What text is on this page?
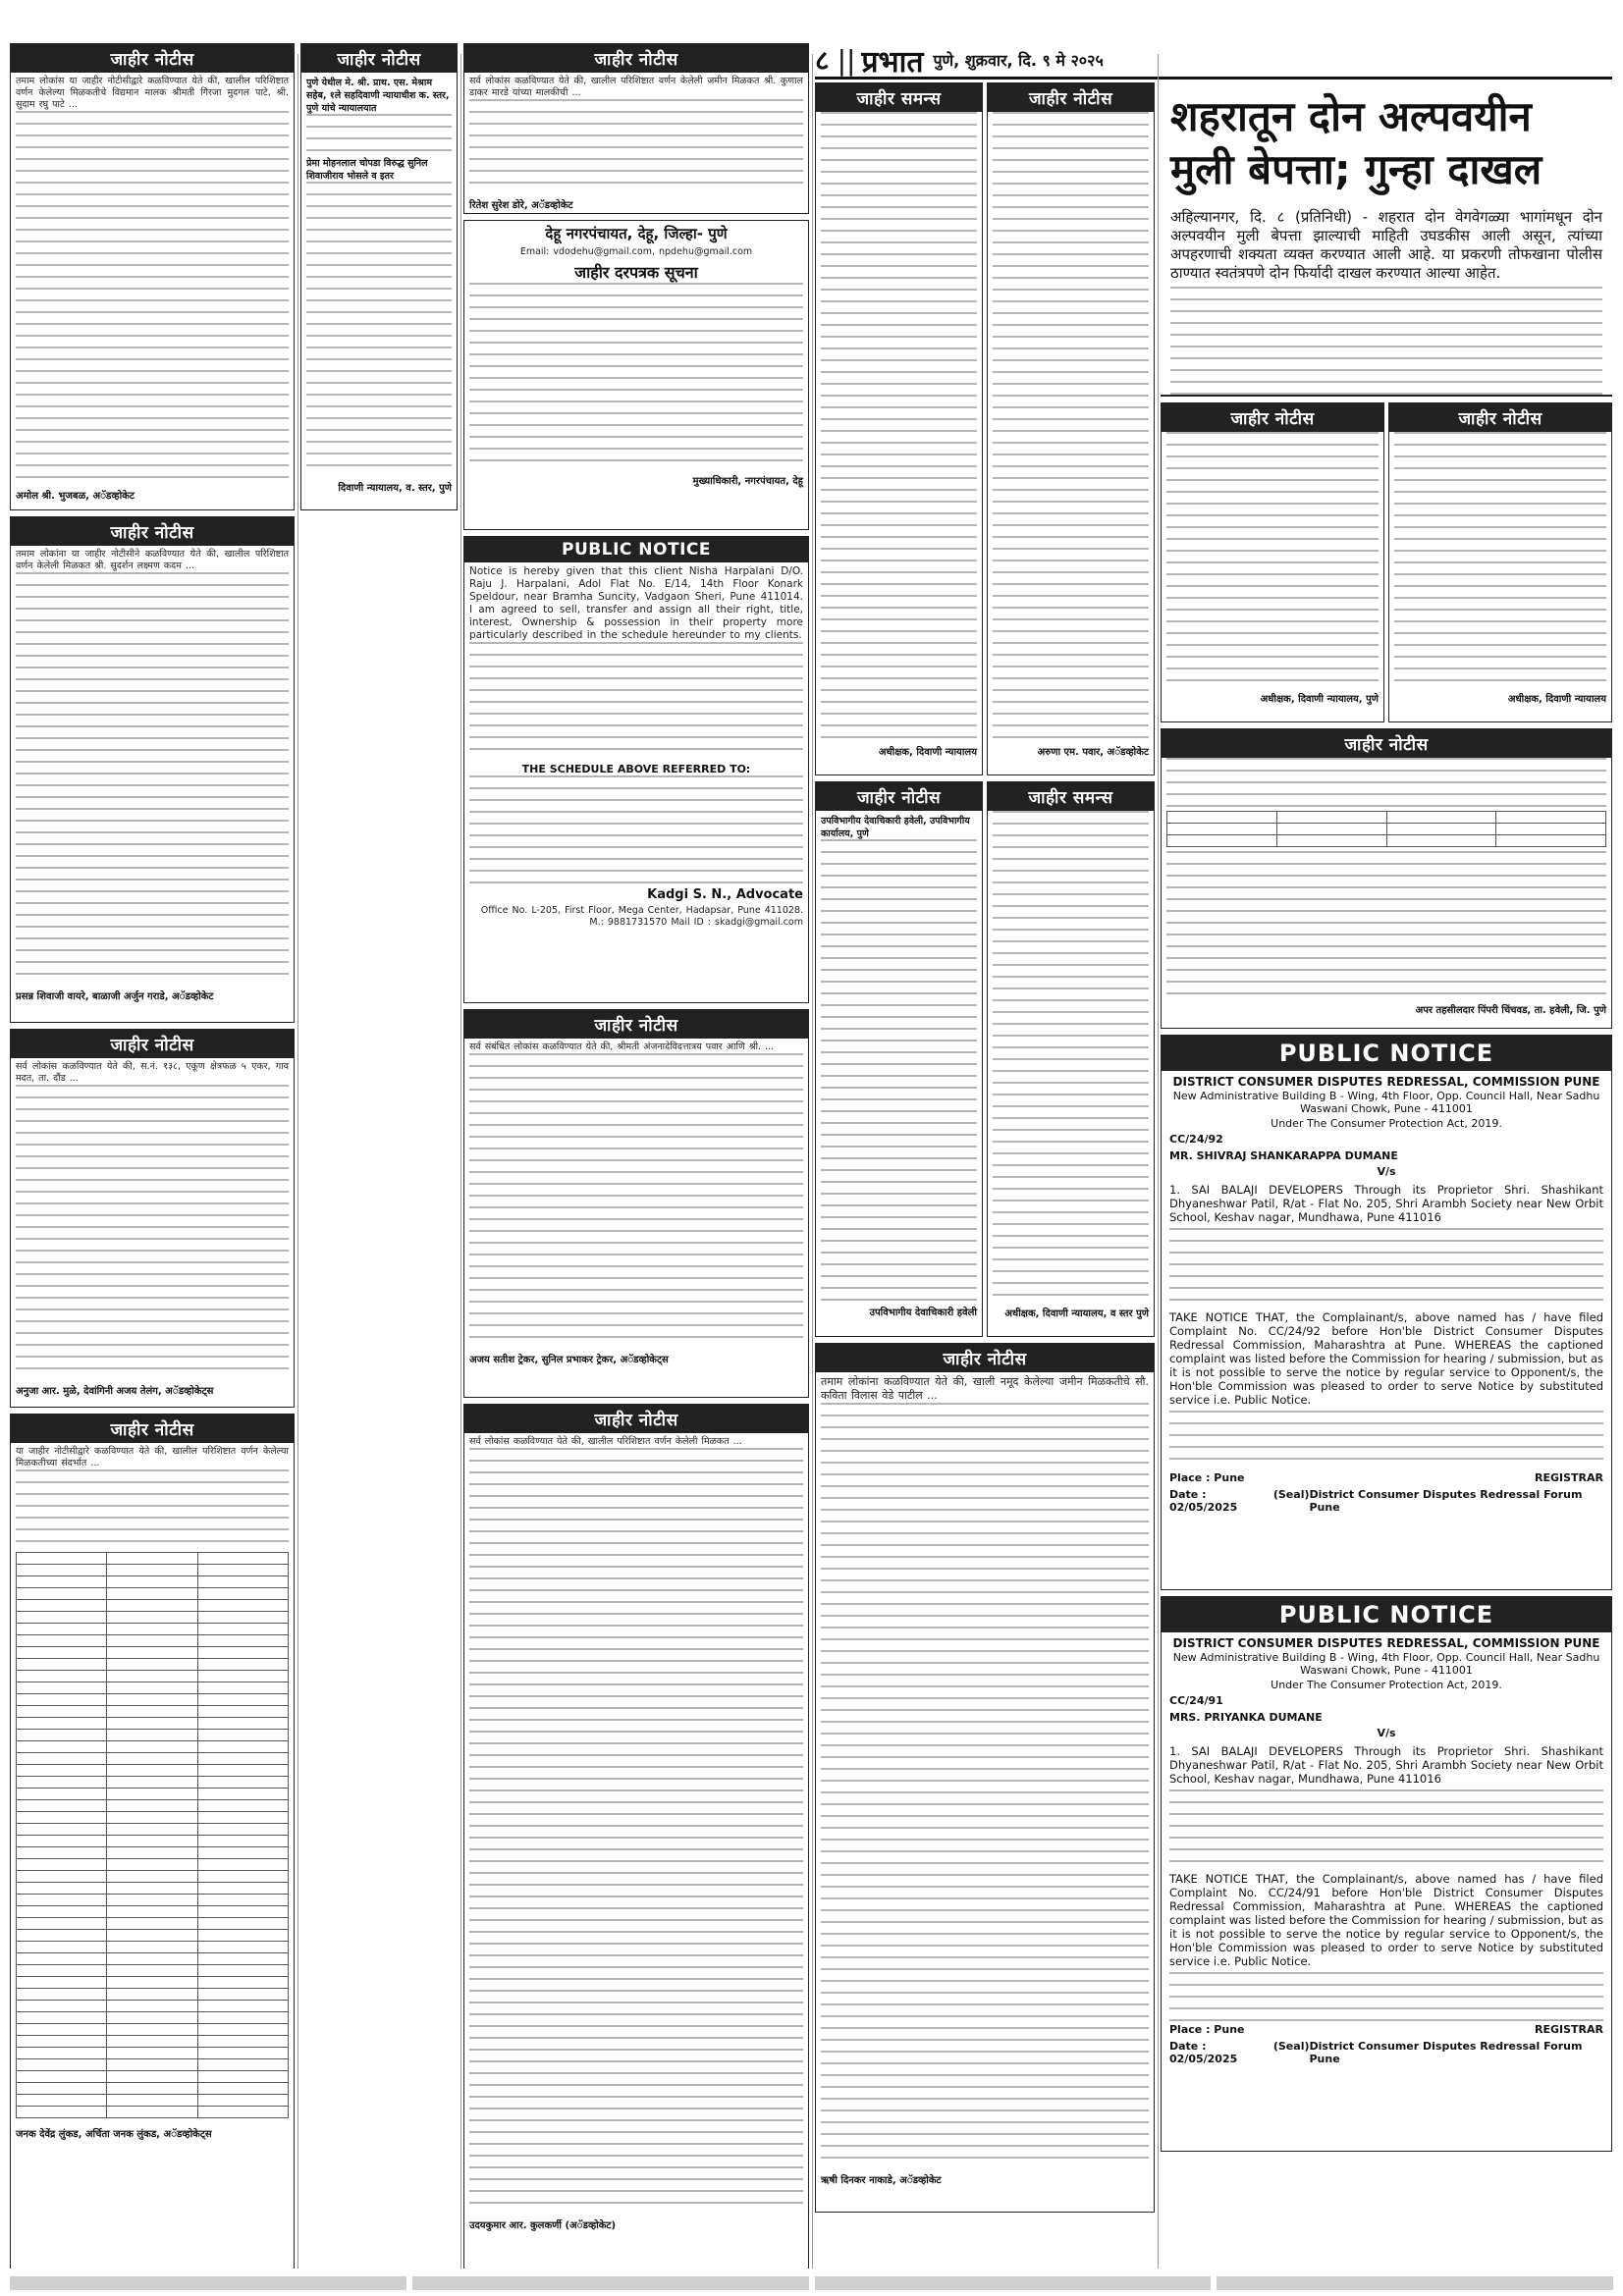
८ || प्रभात पुणे, शुक्रवार, दि. ९ मे २०२५
जाहीर नोटीस
तमाम लोकांस या जाहीर नोटीसीद्वारे कळविण्यात येते की, खालील परिशिष्टात वर्णन केलेल्या मिळकतीचे विद्यमान मालक श्रीमती गिरजा मुदगल पाटे, श्री. सुदाम रघु पाटे ...
अमोल श्री. भुजबळ, अॅडव्होकेट
जाहीर नोटीस
तमाम लोकांना या जाहीर नोटीसीने कळविण्यात येते की, खालील परिशिष्टात वर्णन केलेली मिळकत श्री. सुदर्शन लक्ष्मण कदम ...
प्रसन्न शिवाजी वायरे, बाळाजी अर्जुन गराडे, अॅडव्होकेट
जाहीर नोटीस
सर्व लोकांस कळविण्यात येते की, स.नं. १३८, एकूण क्षेत्रफळ ५ एकर, गाव मदत, ता. दौंड ...
अनुजा आर. मुळे, देवांगिनी अजय तेलंग, अॅडव्होकेट्स
जाहीर नोटीस
या जाहीर नोटीसीद्वारे कळविण्यात येते की, खालील परिशिष्टात वर्णन केलेल्या मिळकतीच्या संदर्भात ...

जनक देवेंद्र लुंकड, अर्चिता जनक लुंकड, अॅडव्होकेट्स
जाहीर नोटीस
पुणे येथील मे. श्री. प्राथ. एस. मेश्राम सहेब, १ले सहदिवाणी न्यायाधीश क. स्तर, पुणे यांचे न्यायालयात
प्रेमा मोहनलाल चोपडा विरुद्ध सुनिल शिवाजीराव भोसले व इतर
दिवाणी न्यायालय, व. स्तर, पुणे
जाहीर नोटीस
सर्व लोकांस कळविण्यात येते की, खालील परिशिष्टात वर्णन केलेली जमीन मिळकत श्री. कुणाल डाकर मारडे यांच्या मालकीची ...
रितेश सुरेश डोरे, अॅडव्होकेट
देहू नगरपंचायत, देहू, जिल्हा- पुणे
Email: vdodehu@gmail.com, npdehu@gmail.com
जाहीर दरपत्रक सूचना
मुख्याधिकारी, नगरपंचायत, देहू
PUBLIC NOTICE
Notice is hereby given that this client Nisha Harpalani D/O. Raju J. Harpalani, Adol Flat No. E/14, 14th Floor Konark Speldour, near Bramha Suncity, Vadgaon Sheri, Pune 411014. I am agreed to sell, transfer and assign all their right, title, interest, Ownership & possession in their property more particularly described in the schedule hereunder to my clients.
THE SCHEDULE ABOVE REFERRED TO:
Kadgi S. N., Advocate
Office No. L-205, First Floor, Mega Center, Hadapsar, Pune 411028. M.: 9881731570 Mail ID : skadgi@gmail.com
जाहीर नोटीस
सर्व संबंधित लोकांस कळविण्यात येते की, श्रीमती अंजनादेविदत्तात्रय पवार आणि श्री. ...
अजय सतीश ट्रेकर, सुनिल प्रभाकर ट्रेकर, अॅडव्होकेट्स
जाहीर नोटीस
सर्व लोकांस कळविण्यात येते की, खालील परिशिष्टात वर्णन केलेली मिळकत ...
उदयकुमार आर. कुलकर्णी (अॅडव्होकेट)
जाहीर समन्स
अधीक्षक, दिवाणी न्यायालय
जाहीर नोटीस
अरुणा एम. पवार, अॅडव्होकेट
जाहीर नोटीस
उपविभागीय देवाचिकारी हवेली, उपविभागीय कार्यालय, पुणे
उपविभागीय देवाचिकारी हवेली
जाहीर समन्स
अधीक्षक, दिवाणी न्यायालय, व स्तर पुणे
जाहीर नोटीस
तमाम लोकांना कळविण्यात येते की, खाली नमूद केलेल्या जमीन मिळकतीचे सौ. कविता विलास वेडे पाटील ...
ऋषी दिनकर नाकाडे, अॅडव्होकेट
शहरातून दोन अल्पवयीन मुली बेपत्ता; गुन्हा दाखल
अहिल्यानगर, दि. ८ (प्रतिनिधी) - शहरात दोन वेगवेगळ्या भागांमधून दोन अल्पवयीन मुली बेपत्ता झाल्याची माहिती उघडकीस आली असून, त्यांच्या अपहरणाची शक्यता व्यक्त करण्यात आली आहे. या प्रकरणी तोफखाना पोलीस ठाण्यात स्वतंत्रपणे दोन फिर्यादी दाखल करण्यात आल्या आहेत.
जाहीर नोटीस
अधीक्षक, दिवाणी न्यायालय, पुणे
जाहीर नोटीस
अधीक्षक, दिवाणी न्यायालय
जाहीर नोटीस

अपर तहसीलदार पिंपरी चिंचवड, ता. हवेली, जि. पुणे
PUBLIC NOTICE
DISTRICT CONSUMER DISPUTES REDRESSAL, COMMISSION PUNE
New Administrative Building B - Wing, 4th Floor, Opp. Council Hall, Near Sadhu Waswani Chowk, Pune - 411001
Under The Consumer Protection Act, 2019.
CC/24/92
MR. SHIVRAJ SHANKARAPPA DUMANE
V/s
1. SAI BALAJI DEVELOPERS Through its Proprietor Shri. Shashikant Dhyaneshwar Patil, R/at - Flat No. 205, Shri Arambh Society near New Orbit School, Keshav nagar, Mundhawa, Pune 411016
TAKE NOTICE THAT, the Complainant/s, above named has / have filed Complaint No. CC/24/92 before Hon'ble District Consumer Disputes Redressal Commission, Maharashtra at Pune. WHEREAS the captioned complaint was listed before the Commission for hearing / submission, but as it is not possible to serve the notice by regular service to Opponent/s, the Hon'ble Commission was pleased to order to serve Notice by substituted service i.e. Public Notice.
Place : Pune	REGISTRAR
Date : 02/05/2025
(Seal) District Consumer Disputes Redressal Forum Pune
PUBLIC NOTICE
DISTRICT CONSUMER DISPUTES REDRESSAL, COMMISSION PUNE
New Administrative Building B - Wing, 4th Floor, Opp. Council Hall, Near Sadhu Waswani Chowk, Pune - 411001
Under The Consumer Protection Act, 2019.
CC/24/91
MRS. PRIYANKA DUMANE
V/s
1. SAI BALAJI DEVELOPERS Through its Proprietor Shri. Shashikant Dhyaneshwar Patil, R/at - Flat No. 205, Shri Arambh Society near New Orbit School, Keshav nagar, Mundhawa, Pune 411016
TAKE NOTICE THAT, the Complainant/s, above named has / have filed Complaint No. CC/24/91 before Hon'ble District Consumer Disputes Redressal Commission, Maharashtra at Pune. WHEREAS the captioned complaint was listed before the Commission for hearing / submission, but as it is not possible to serve the notice by regular service to Opponent/s, the Hon'ble Commission was pleased to order to serve Notice by substituted service i.e. Public Notice.
Place : Pune	REGISTRAR
Date : 02/05/2025
(Seal) District Consumer Disputes Redressal Forum Pune
